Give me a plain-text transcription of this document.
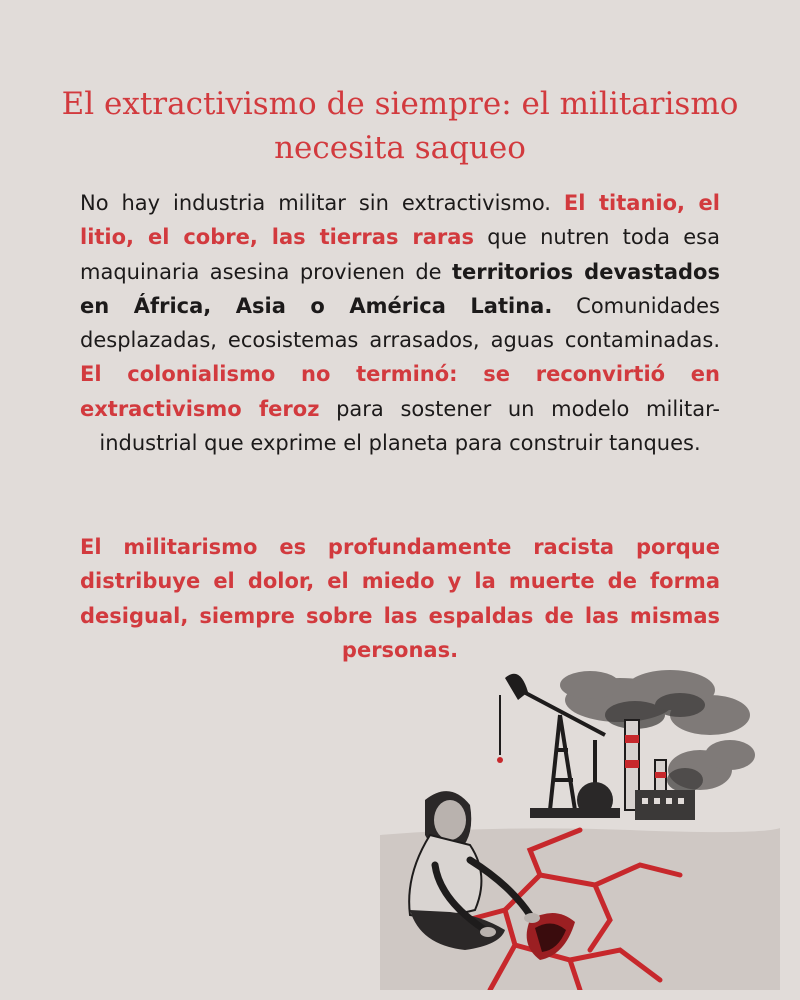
El extractivismo de siempre: el militarismo necesita saqueo

No hay industria militar sin extractivismo. El titanio, el litio, el cobre, las tierras raras que nutren toda esa maquinaria asesina provienen de territorios devastados en África, Asia o América Latina. Comunidades desplazadas, ecosistemas arrasados, aguas contaminadas. El colonialismo no terminó: se reconvirtió en extractivismo feroz para sostener un modelo militar-industrial que exprime el planeta para construir tanques.

El militarismo es profundamente racista porque distribuye el dolor, el miedo y la muerte de forma desigual, siempre sobre las espaldas de las mismas personas.
